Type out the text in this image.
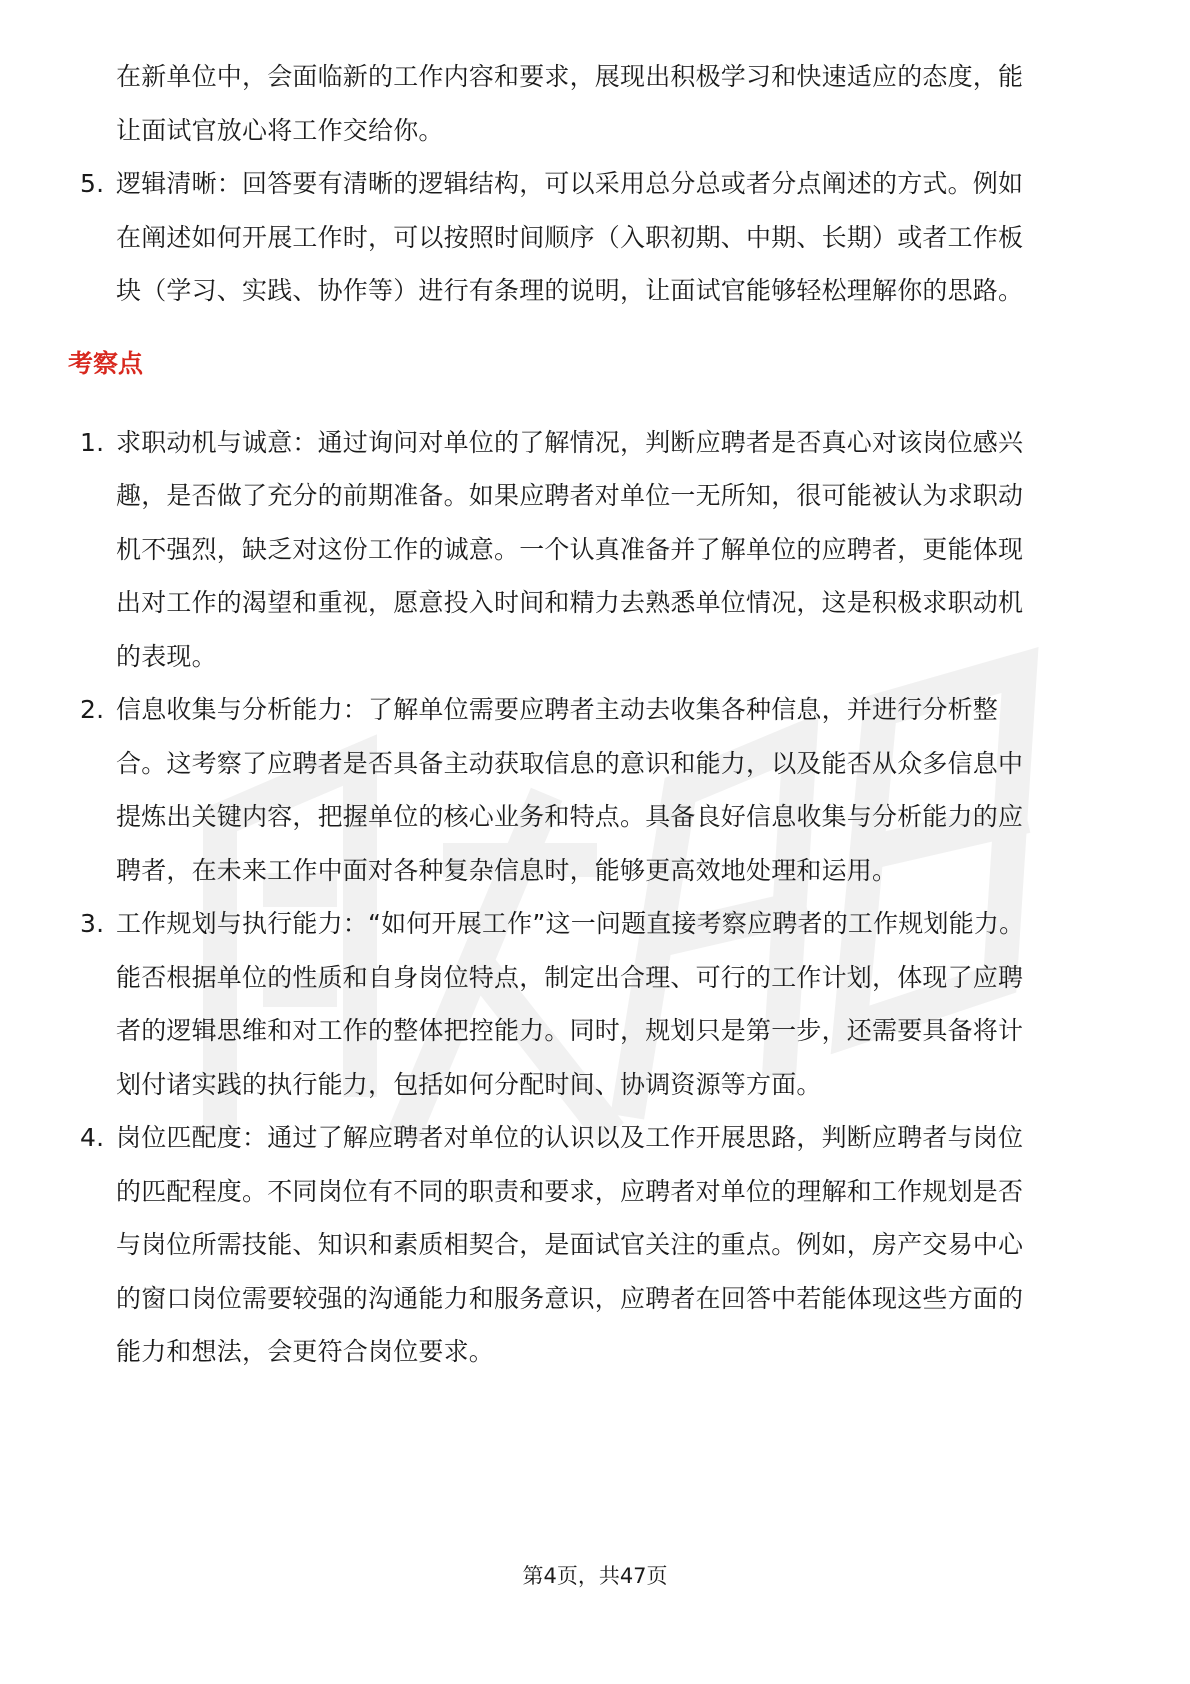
在新单位中，会面临新的工作内容和要求，展现出积极学习和快速适应的态度，能让面试官放心将工作交给你。
5. 逻辑清晰：回答要有清晰的逻辑结构，可以采用总分总或者分点阐述的方式。例如在阐述如何开展工作时，可以按照时间顺序（入职初期、中期、长期）或者工作板块（学习、实践、协作等）进行有条理的说明，让面试官能够轻松理解你的思路。
考察点
1. 求职动机与诚意：通过询问对单位的了解情况，判断应聘者是否真心对该岗位感兴趣，是否做了充分的前期准备。如果应聘者对单位一无所知，很可能被认为求职动机不强烈，缺乏对这份工作的诚意。一个认真准备并了解单位的应聘者，更能体现出对工作的渴望和重视，愿意投入时间和精力去熟悉单位情况，这是积极求职动机的表现。
2. 信息收集与分析能力：了解单位需要应聘者主动去收集各种信息，并进行分析整合。这考察了应聘者是否具备主动获取信息的意识和能力，以及能否从众多信息中提炼出关键内容，把握单位的核心业务和特点。具备良好信息收集与分析能力的应聘者，在未来工作中面对各种复杂信息时，能够更高效地处理和运用。
3. 工作规划与执行能力：“如何开展工作”这一问题直接考察应聘者的工作规划能力。能否根据单位的性质和自身岗位特点，制定出合理、可行的工作计划，体现了应聘者的逻辑思维和对工作的整体把控能力。同时，规划只是第一步，还需要具备将计划付诸实践的执行能力，包括如何分配时间、协调资源等方面。
4. 岗位匹配度：通过了解应聘者对单位的认识以及工作开展思路，判断应聘者与岗位的匹配程度。不同岗位有不同的职责和要求，应聘者对单位的理解和工作规划是否与岗位所需技能、知识和素质相契合，是面试官关注的重点。例如，房产交易中心的窗口岗位需要较强的沟通能力和服务意识，应聘者在回答中若能体现这些方面的能力和想法，会更符合岗位要求。
第4页，共47页
